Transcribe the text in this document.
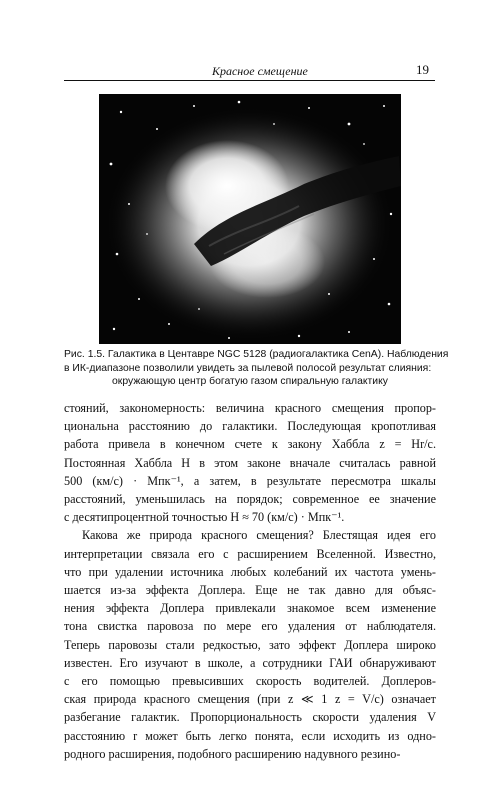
Красное смещение	19
Рис. 1.5. Галактика в Центавре NGC 5128 (радиогалактика CenA). Наблюдения
в ИК-диапазоне позволили увидеть за пылевой полосой результат слияния:
окружающую центр богатую газом спиральную галактику
стояний, закономерность: величина красного смещения пропор-
циональна расстоянию до галактики. Последующая кропотливая
работа привела в конечном счете к закону Хаббла z = Hr/c.
Постоянная Хаббла H в этом законе вначале считалась равной
500 (км/с) · Мпк⁻¹, а затем, в результате пересмотра шкалы
расстояний, уменьшилась на порядок; современное ее значение
с десятипроцентной точностью H ≈ 70 (км/с) · Мпк⁻¹.
Какова же природа красного смещения? Блестящая идея его
интерпретации связала его с расширением Вселенной. Известно,
что при удалении источника любых колебаний их частота умень-
шается из-за эффекта Доплера. Еще не так давно для объяс-
нения эффекта Доплера привлекали знакомое всем изменение
тона свистка паровоза по мере его удаления от наблюдателя.
Теперь паровозы стали редкостью, зато эффект Доплера широко
известен. Его изучают в школе, а сотрудники ГАИ обнаруживают
с его помощью превысивших скорость водителей. Доплеров-
ская природа красного смещения (при z ≪ 1 z = V/c) означает
разбегание галактик. Пропорциональность скорости удаления V
расстоянию r может быть легко понята, если исходить из одно-
родного расширения, подобного расширению надувного резино-
